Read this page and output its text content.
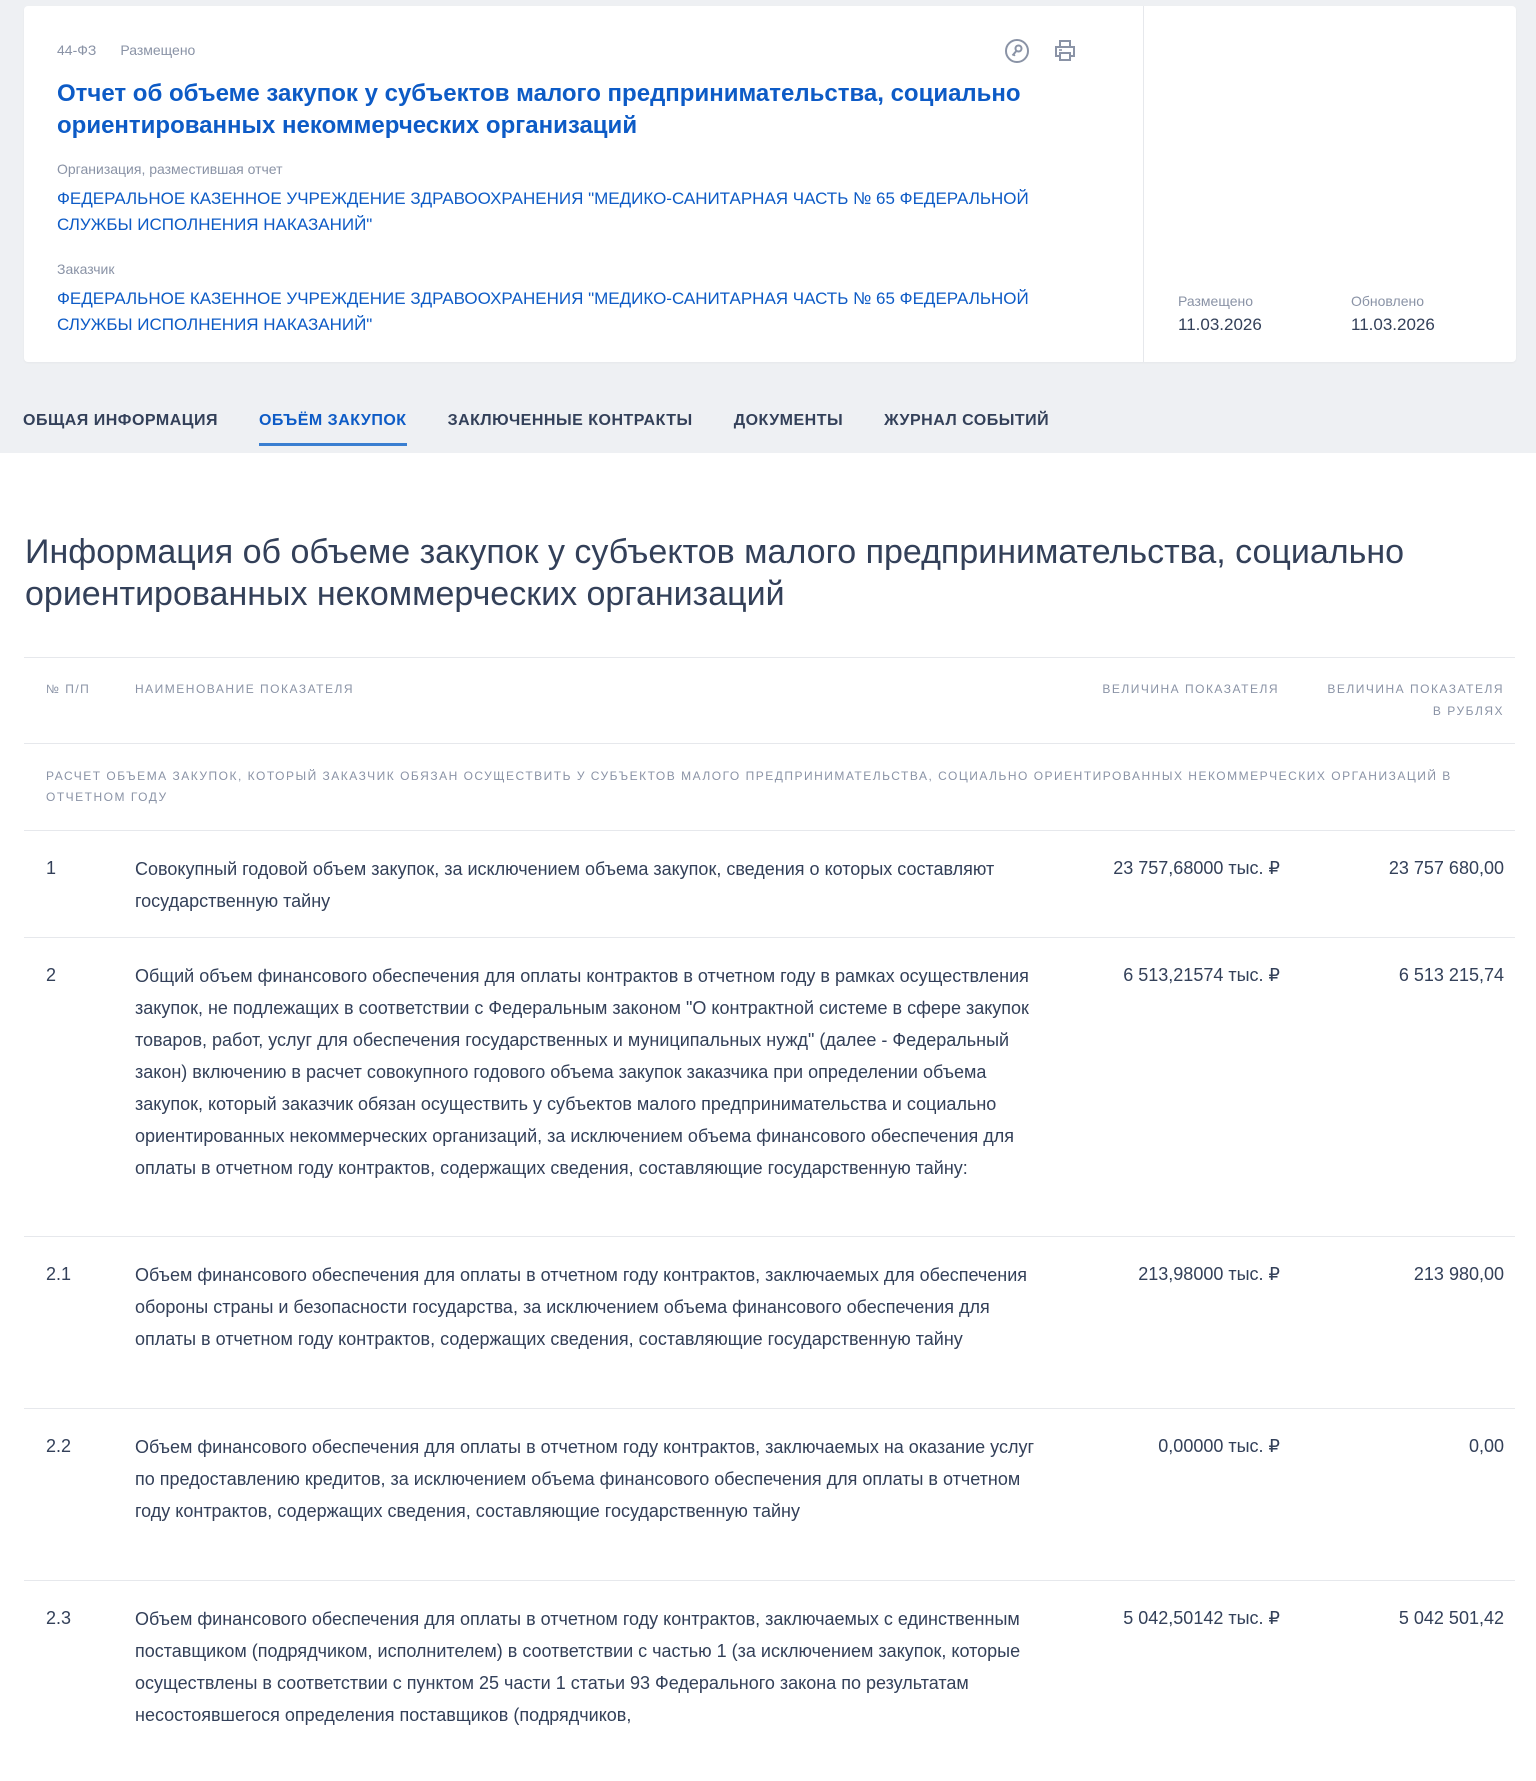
44-ФЗ Размещено
Отчет об объеме закупок у субъектов малого предпринимательства, социально ориентированных некоммерческих организаций
Организация, разместившая отчет
ФЕДЕРАЛЬНОЕ КАЗЕННОЕ УЧРЕЖДЕНИЕ ЗДРАВООХРАНЕНИЯ "МЕДИКО-САНИТАРНАЯ ЧАСТЬ № 65 ФЕДЕРАЛЬНОЙ СЛУЖБЫ ИСПОЛНЕНИЯ НАКАЗАНИЙ"
Заказчик
ФЕДЕРАЛЬНОЕ КАЗЕННОЕ УЧРЕЖДЕНИЕ ЗДРАВООХРАНЕНИЯ "МЕДИКО-САНИТАРНАЯ ЧАСТЬ № 65 ФЕДЕРАЛЬНОЙ СЛУЖБЫ ИСПОЛНЕНИЯ НАКАЗАНИЙ"
Размещено
11.03.2026
Обновлено
11.03.2026
ОБЩАЯ ИНФОРМАЦИЯ	ОБЪЁМ ЗАКУПОК	ЗАКЛЮЧЕННЫЕ КОНТРАКТЫ	ДОКУМЕНТЫ	ЖУРНАЛ СОБЫТИЙ
Информация об объеме закупок у субъектов малого предпринимательства, социально ориентированных некоммерческих организаций
№ П/П	НАИМЕНОВАНИЕ ПОКАЗАТЕЛЯ	ВЕЛИЧИНА ПОКАЗАТЕЛЯ	ВЕЛИЧИНА ПОКАЗАТЕЛЯ
В РУБЛЯХ
РАСЧЕТ ОБЪЕМА ЗАКУПОК, КОТОРЫЙ ЗАКАЗЧИК ОБЯЗАН ОСУЩЕСТВИТЬ У СУБЪЕКТОВ МАЛОГО ПРЕДПРИНИМАТЕЛЬСТВА, СОЦИАЛЬНО ОРИЕНТИРОВАННЫХ НЕКОММЕРЧЕСКИХ ОРГАНИЗАЦИЙ В ОТЧЕТНОМ ГОДУ
1	Совокупный годовой объем закупок, за исключением объема закупок, сведения о которых составляют государственную тайну
23 757,68000 тыс. ₽	23 757 680,00
2	Общий объем финансового обеспечения для оплаты контрактов в отчетном году в рамках осуществления закупок, не подлежащих в соответствии с Федеральным законом "О контрактной системе в сфере закупок товаров, работ, услуг для обеспечения государственных и муниципальных нужд" (далее - Федеральный закон) включению в расчет совокупного годового объема закупок заказчика при определении объема закупок, который заказчик обязан осуществить у субъектов малого предпринимательства и социально ориентированных некоммерческих организаций, за исключением объема финансового обеспечения для оплаты в отчетном году контрактов, содержащих сведения, составляющие государственную тайну:
6 513,21574 тыс. ₽	6 513 215,74
2.1	Объем финансового обеспечения для оплаты в отчетном году контрактов, заключаемых для обеспечения обороны страны и безопасности государства, за исключением объема финансового обеспечения для оплаты в отчетном году контрактов, содержащих сведения, составляющие государственную тайну
213,98000 тыс. ₽	213 980,00
2.2	Объем финансового обеспечения для оплаты в отчетном году контрактов, заключаемых на оказание услуг по предоставлению кредитов, за исключением объема финансового обеспечения для оплаты в отчетном году контрактов, содержащих сведения, составляющие государственную тайну
0,00000 тыс. ₽	0,00
2.3	Объем финансового обеспечения для оплаты в отчетном году контрактов, заключаемых с единственным поставщиком (подрядчиком, исполнителем) в соответствии с частью 1 (за исключением закупок, которые осуществлены в соответствии с пунктом 25 части 1 статьи 93 Федерального закона по результатам несостоявшегося определения поставщиков (подрядчиков,
5 042,50142 тыс. ₽	5 042 501,42
